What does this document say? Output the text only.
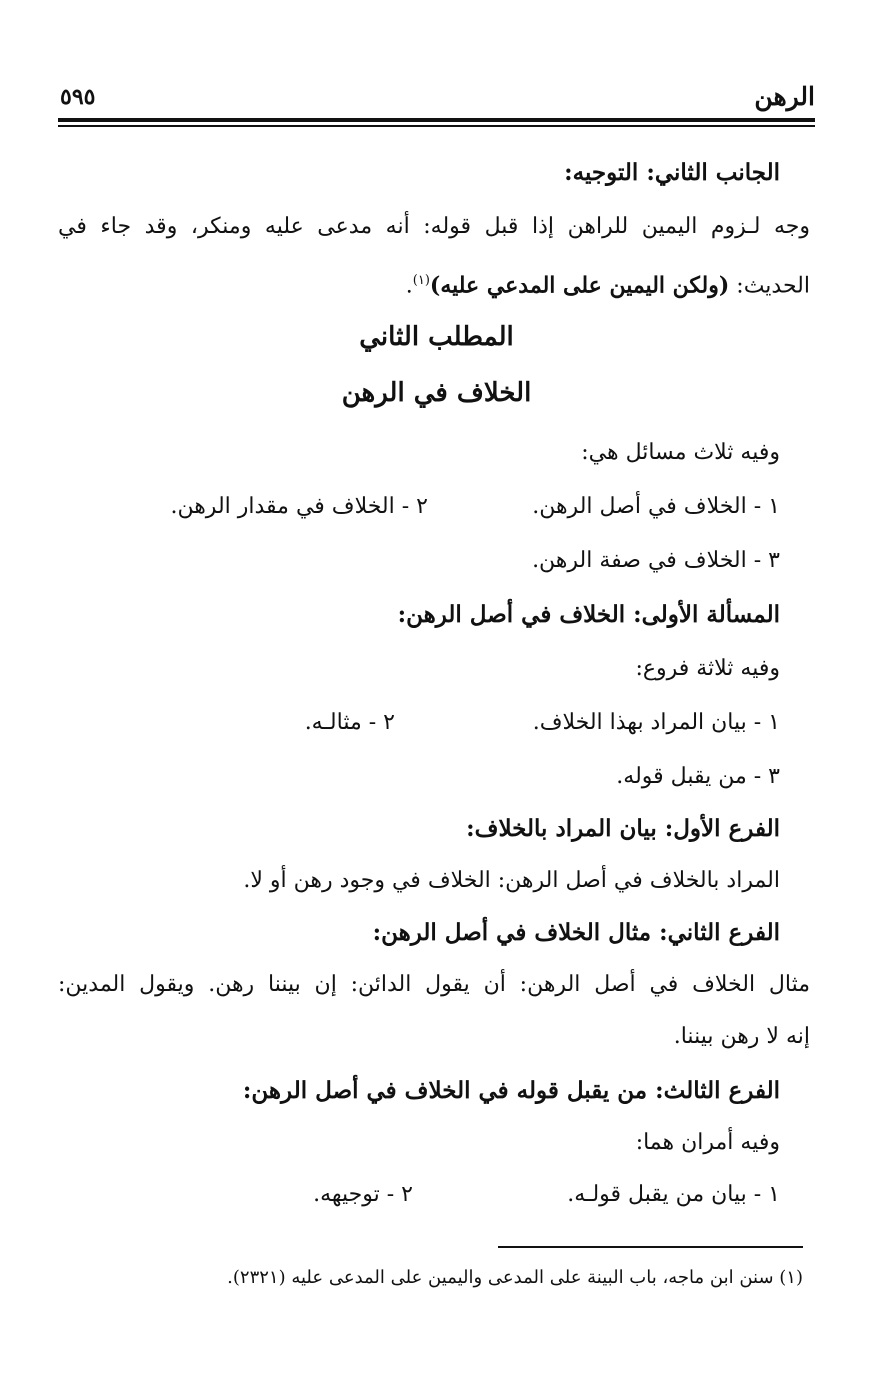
الرهن
٥٩٥
الجانب الثاني: التوجيه:
وجه لـزوم اليمين للراهن إذا قبل قوله: أنه مدعى عليه ومنكر، وقد جاء في
الحديث: (ولكن اليمين على المدعي عليه)$^{(١)}$.
المطلب الثاني
الخلاف في الرهن
وفيه ثلاث مسائل هي:
١ - الخلاف في أصل الرهن.
٢ - الخلاف في مقدار الرهن.
٣ - الخلاف في صفة الرهن.
المسألة الأولى: الخلاف في أصل الرهن:
وفيه ثلاثة فروع:
١ - بيان المراد بهذا الخلاف.
٢ - مثالـه.
٣ - من يقبل قوله.
الفرع الأول: بيان المراد بالخلاف:
المراد بالخلاف في أصل الرهن: الخلاف في وجود رهن أو لا.
الفرع الثاني: مثال الخلاف في أصل الرهن:
مثال الخلاف في أصل الرهن: أن يقول الدائن: إن بيننا رهن. ويقول المدين:
إنه لا رهن بيننا.
الفرع الثالث: من يقبل قوله في الخلاف في أصل الرهن:
وفيه أمران هما:
١ - بيان من يقبل قولـه.
٢ - توجيهه.
(١) سنن ابن ماجه، باب البينة على المدعى واليمين على المدعى عليه (٢٣٢١).
